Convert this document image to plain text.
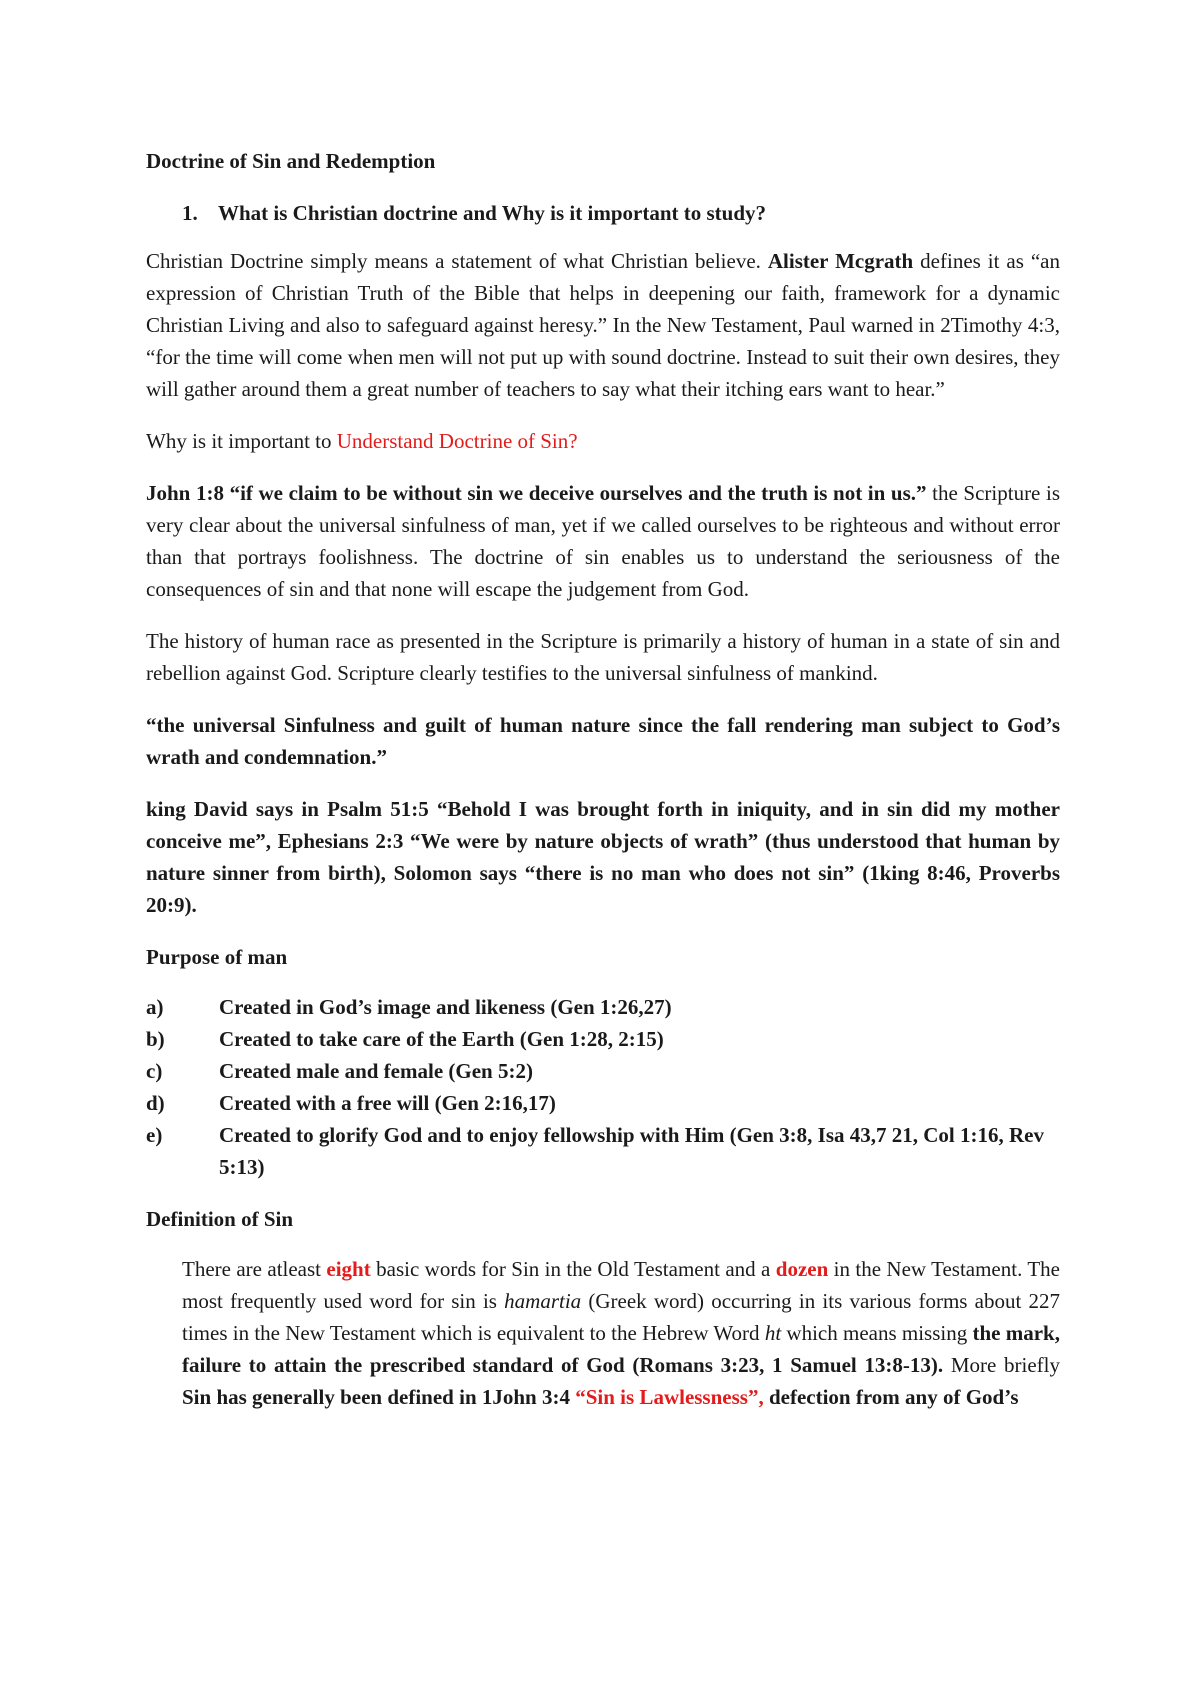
Doctrine of Sin and Redemption

1. What is Christian doctrine and Why is it important to study?

Christian Doctrine simply means a statement of what Christian believe. Alister Mcgrath defines it as “an expression of Christian Truth of the Bible that helps in deepening our faith, framework for a dynamic Christian Living and also to safeguard against heresy.” In the New Testament, Paul warned in 2Timothy 4:3, “for the time will come when men will not put up with sound doctrine. Instead to suit their own desires, they will gather around them a great number of teachers to say what their itching ears want to hear.”

Why is it important to Understand Doctrine of Sin?

John 1:8 “if we claim to be without sin we deceive ourselves and the truth is not in us.” the Scripture is very clear about the universal sinfulness of man, yet if we called ourselves to be righteous and without error than that portrays foolishness. The doctrine of sin enables us to understand the seriousness of the consequences of sin and that none will escape the judgement from God.

The history of human race as presented in the Scripture is primarily a history of human in a state of sin and rebellion against God. Scripture clearly testifies to the universal sinfulness of mankind.

“the universal Sinfulness and guilt of human nature since the fall rendering man subject to God’s wrath and condemnation.”

king David says in Psalm 51:5 “Behold I was brought forth in iniquity, and in sin did my mother conceive me”, Ephesians 2:3 “We were by nature objects of wrath” (thus understood that human by nature sinner from birth), Solomon says “there is no man who does not sin” (1king 8:46, Proverbs 20:9).

Purpose of man

a)	Created in God’s image and likeness (Gen 1:26,27)
b)	Created to take care of the Earth (Gen 1:28, 2:15)
c)	Created male and female (Gen 5:2)
d)	Created with a free will (Gen 2:16,17)
e)	Created to glorify God and to enjoy fellowship with Him (Gen 3:8, Isa 43,7 21, Col 1:16, Rev 5:13)

Definition of Sin

There are atleast eight basic words for Sin in the Old Testament and a dozen in the New Testament. The most frequently used word for sin is hamartia (Greek word) occurring in its various forms about 227 times in the New Testament which is equivalent to the Hebrew Word ht which means missing the mark, failure to attain the prescribed standard of God (Romans 3:23, 1 Samuel 13:8-13). More briefly Sin has generally been defined in 1John 3:4 “Sin is Lawlessness”, defection from any of God’s
